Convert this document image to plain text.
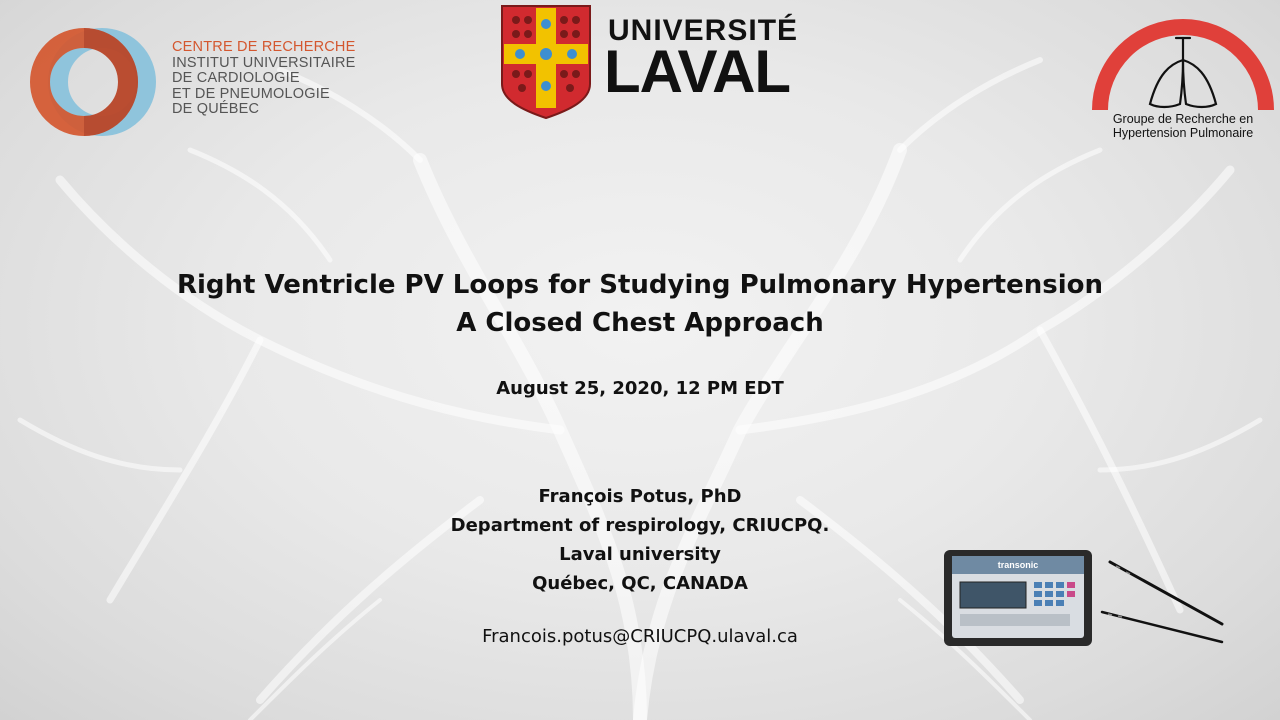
CENTRE DE RECHERCHE
INSTITUT UNIVERSITAIRE
DE CARDIOLOGIE
ET DE PNEUMOLOGIE
DE QUÉBEC
UNIVERSITÉ
LAVAL
Groupe de Recherche en
Hypertension Pulmonaire
Right Ventricle PV Loops for Studying Pulmonary Hypertension
A Closed Chest Approach
August 25, 2020, 12 PM EDT
François Potus, PhD
Department of respirology, CRIUCPQ.
Laval university
Québec, QC, CANADA
Francois.potus@CRIUCPQ.ulaval.ca
transonic
